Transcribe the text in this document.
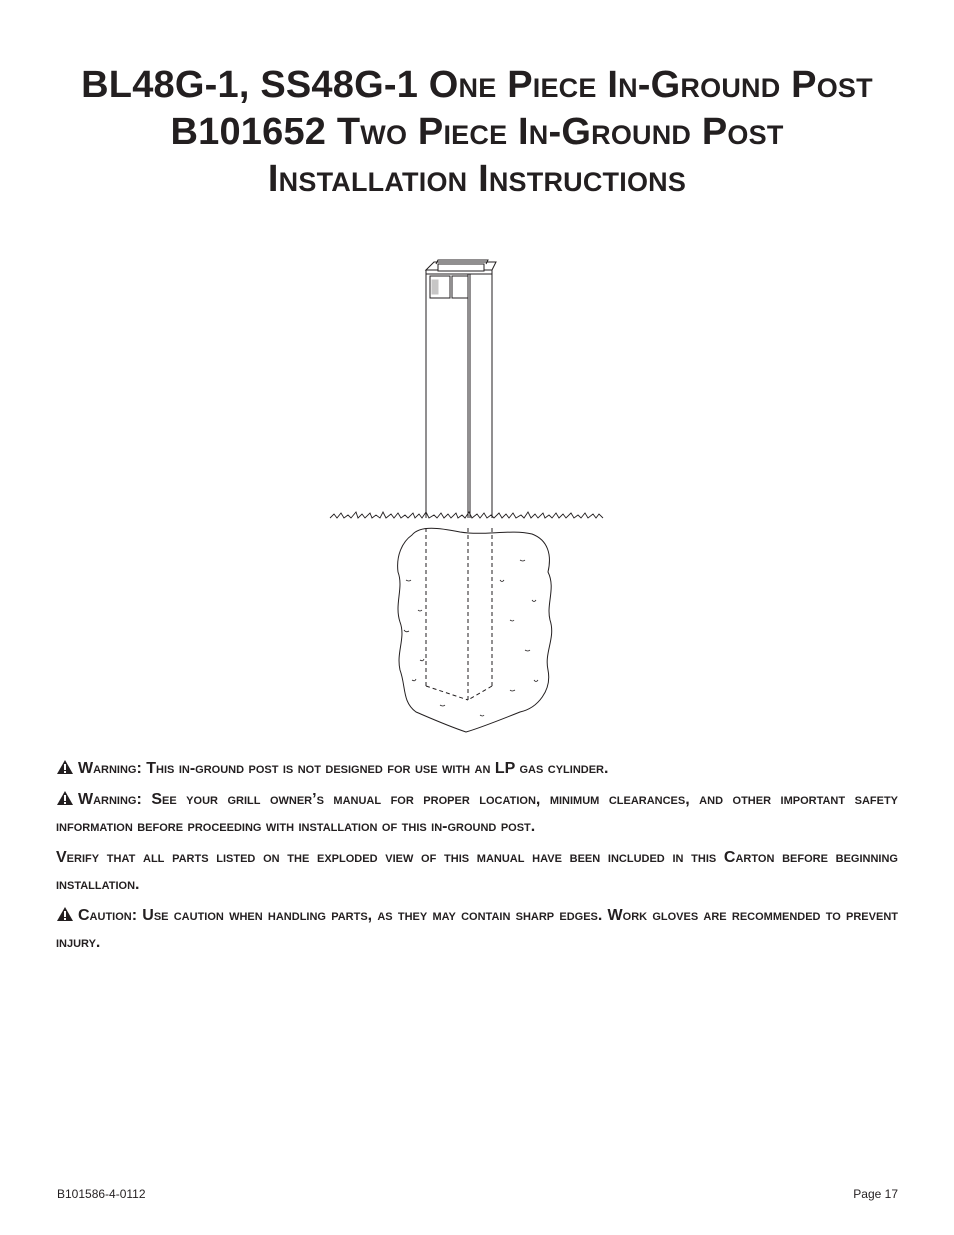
BL48G-1, SS48G-1 One Piece In-Ground Post
B101652 Two Piece In-Ground Post
Installation Instructions

Warning: This in-ground post is not designed for use with an LP gas cylinder.

Warning: See your grill owner’s manual for proper location, minimum clearances, and other important safety information before proceeding with installation of this in-ground post.

Verify that all parts listed on the exploded view of this manual have been included in this Carton before beginning installation.

Caution: Use caution when handling parts, as they may contain sharp edges. Work gloves are recommended to prevent injury.

B101586-4-0112	Page 17
